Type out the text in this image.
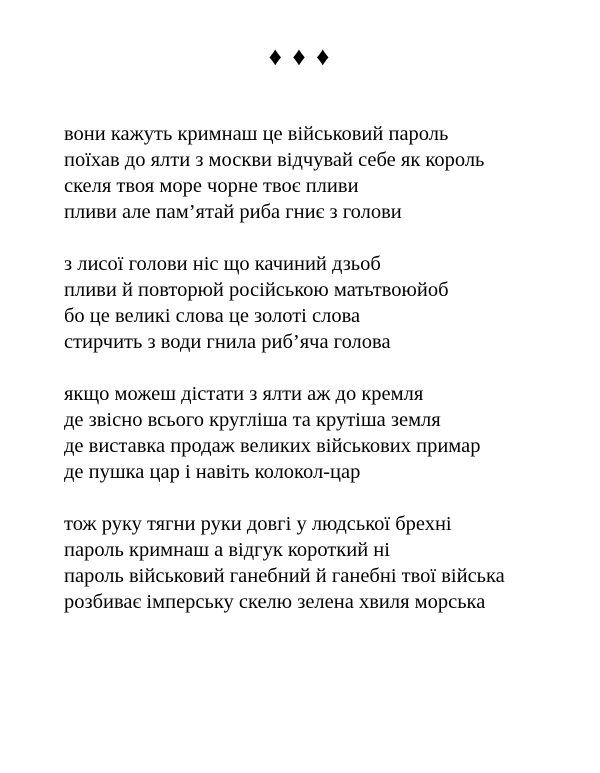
♦ ♦ ♦
вони кажуть кримнаш це військовий пароль
поїхав до ялти з москви відчувай себе як король
скеля твоя море чорне твоє пливи
пливи але пам’ятай риба гниє з голови
з лисої голови ніс що качиний дзьоб
пливи й повторюй російською матьтвоюйоб
бо це великі слова це золоті слова
стирчить з води гнила риб’яча голова
якщо можеш дістати з ялти аж до кремля
де звісно всього кругліша та крутіша земля
де виставка продаж великих військових примар
де пушка цар і навіть колокол-цар
тож руку тягни руки довгі у людської брехні
пароль кримнаш а відгук короткий ні
пароль військовий ганебний й ганебні твої війська
розбиває імперську скелю зелена хвиля морська
